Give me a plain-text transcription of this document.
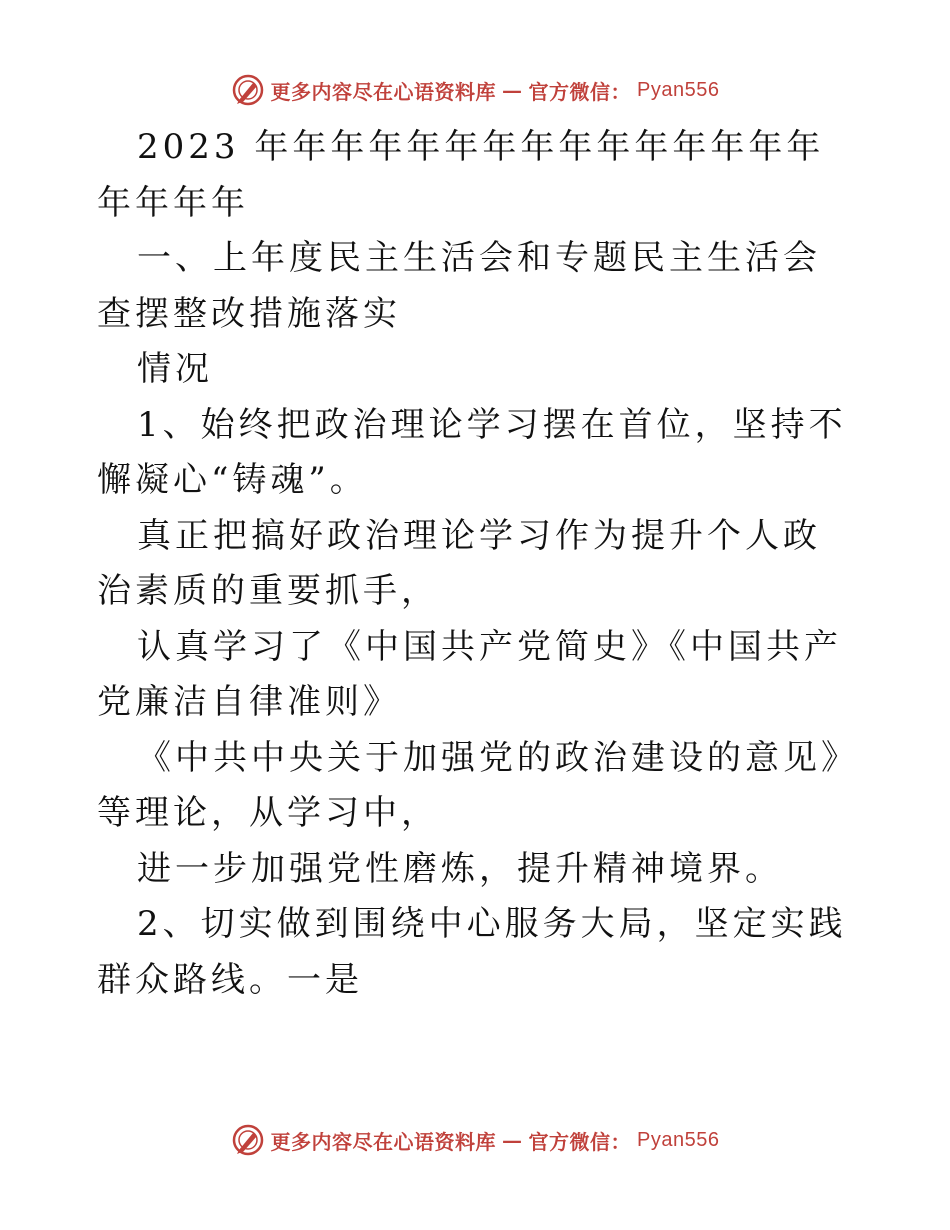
更多内容尽在心语资料库 — 官方微信： Pyan556

2023 年年年年年年年年年年年年年年年年年年年

一、上年度民主生活会和专题民主生活会查摆整改措施落实

情况

1、始终把政治理论学习摆在首位，坚持不懈凝心“铸魂”。

真正把搞好政治理论学习作为提升个人政治素质的重要抓手，

认真学习了《中国共产党简史》《中国共产党廉洁自律准则》

《中共中央关于加强党的政治建设的意见》等理论，从学习中，

进一步加强党性磨炼，提升精神境界。

2、切实做到围绕中心服务大局，坚定实践群众路线。一是

更多内容尽在心语资料库 — 官方微信： Pyan556
